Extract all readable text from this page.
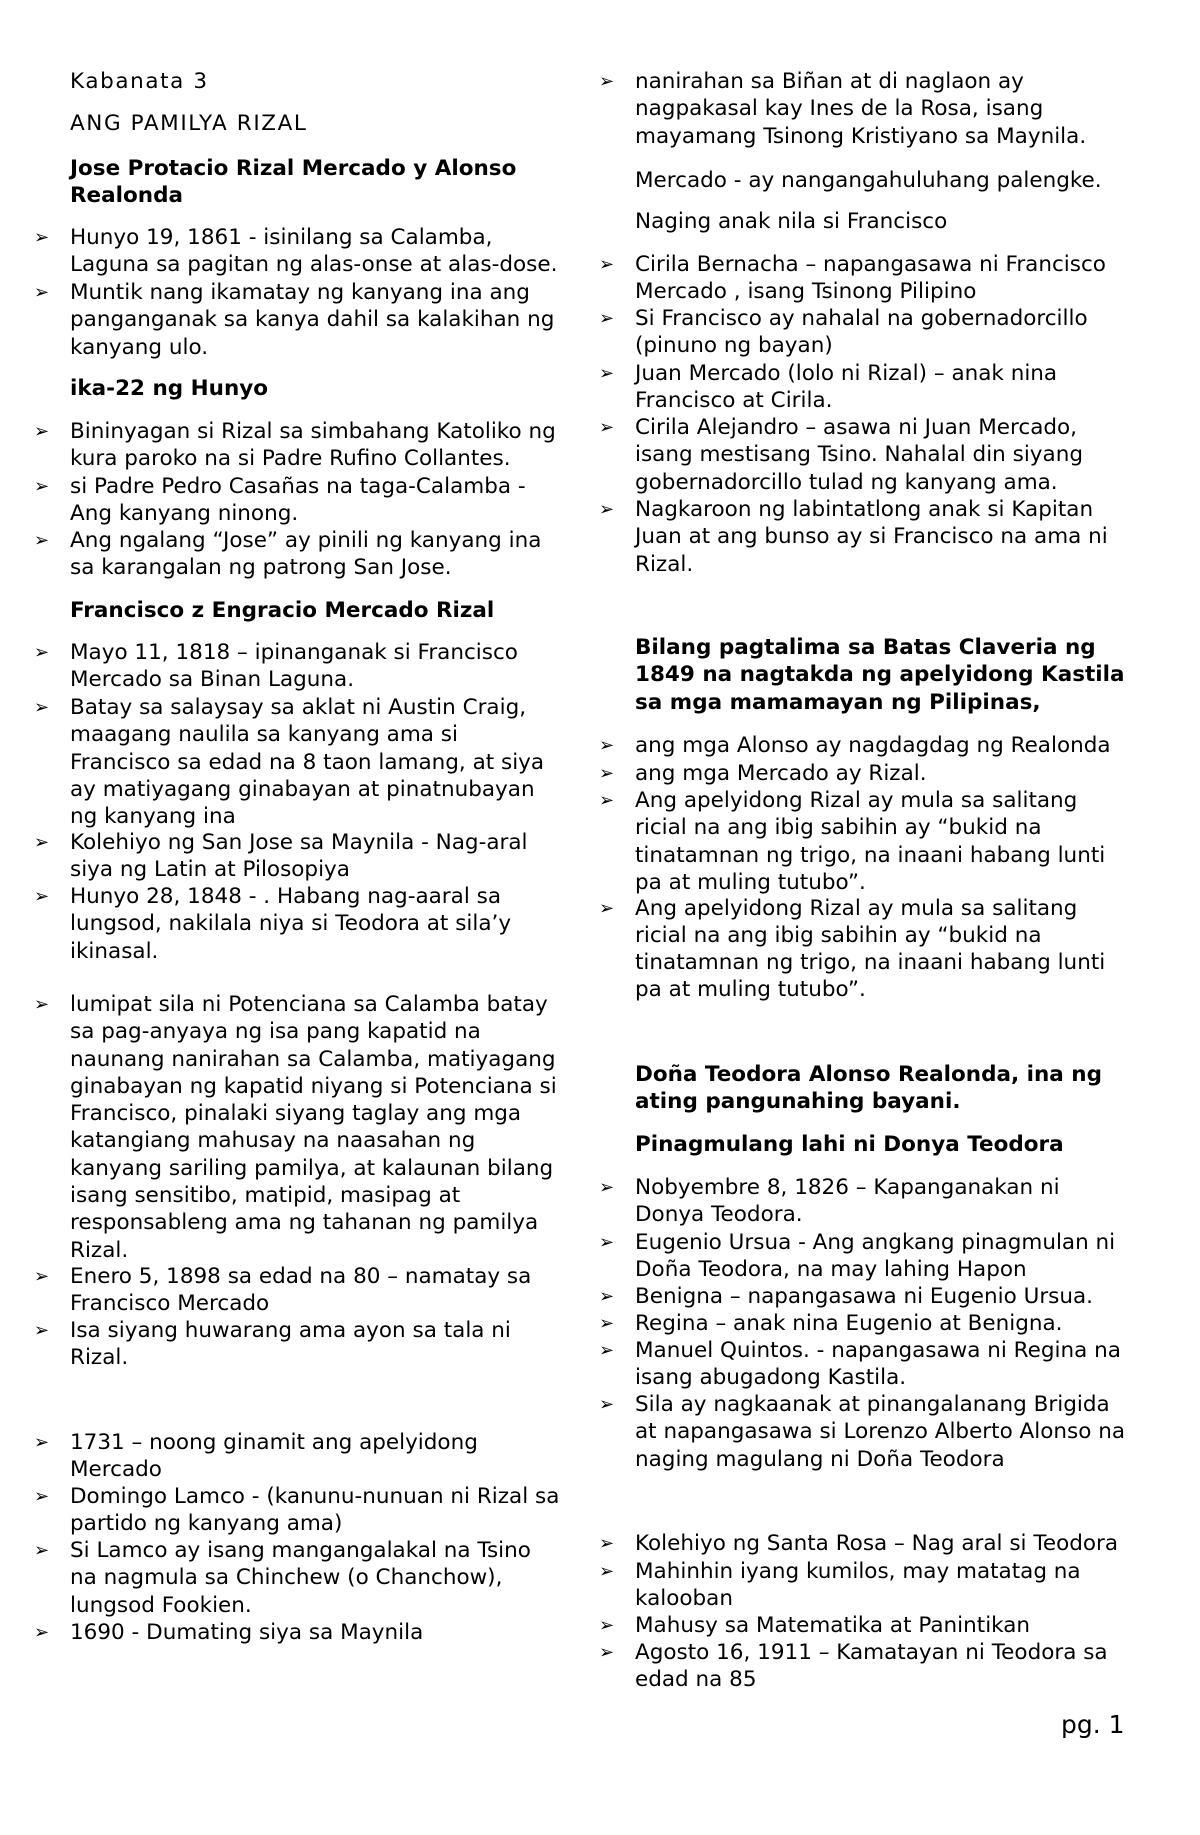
Kabanata 3
ANG PAMILYA RIZAL
Jose Protacio Rizal Mercado y Alonso
Realonda
➢
Hunyo 19, 1861 - isinilang sa Calamba,
Laguna sa pagitan ng alas-onse at alas-dose.
➢
Muntik nang ikamatay ng kanyang ina ang
panganganak sa kanya dahil sa kalakihan ng
kanyang ulo.
ika-22 ng Hunyo
➢
Bininyagan si Rizal sa simbahang Katoliko ng
kura paroko na si Padre Rufino Collantes.
➢
si Padre Pedro Casañas na taga-Calamba -
Ang kanyang ninong.
➢
Ang ngalang “Jose” ay pinili ng kanyang ina
sa karangalan ng patrong San Jose.
Francisco z Engracio Mercado Rizal
➢
Mayo 11, 1818 – ipinanganak si Francisco
Mercado sa Binan Laguna.
➢
Batay sa salaysay sa aklat ni Austin Craig,
maagang naulila sa kanyang ama si
Francisco sa edad na 8 taon lamang, at siya
ay matiyagang ginabayan at pinatnubayan
ng kanyang ina
➢
Kolehiyo ng San Jose sa Maynila - Nag-aral
siya ng Latin at Pilosopiya
➢
Hunyo 28, 1848 - . Habang nag-aaral sa
lungsod, nakilala niya si Teodora at sila’y
ikinasal.
➢
lumipat sila ni Potenciana sa Calamba batay
sa pag-anyaya ng isa pang kapatid na
naunang nanirahan sa Calamba, matiyagang
ginabayan ng kapatid niyang si Potenciana si
Francisco, pinalaki siyang taglay ang mga
katangiang mahusay na naasahan ng
kanyang sariling pamilya, at kalaunan bilang
isang sensitibo, matipid, masipag at
responsableng ama ng tahanan ng pamilya
Rizal.
➢
Enero 5, 1898 sa edad na 80 – namatay sa
Francisco Mercado
➢
Isa siyang huwarang ama ayon sa tala ni
Rizal.
➢
1731 – noong ginamit ang apelyidong
Mercado
➢
Domingo Lamco - (kanunu-nunuan ni Rizal sa
partido ng kanyang ama)
➢
Si Lamco ay isang mangangalakal na Tsino
na nagmula sa Chinchew (o Chanchow),
lungsod Fookien.
➢
1690 - Dumating siya sa Maynila
➢
nanirahan sa Biñan at di naglaon ay
nagpakasal kay Ines de la Rosa, isang
mayamang Tsinong Kristiyano sa Maynila.
Mercado - ay nangangahuluhang palengke.
Naging anak nila si Francisco
➢
Cirila Bernacha – napangasawa ni Francisco
Mercado , isang Tsinong Pilipino
➢
Si Francisco ay nahalal na gobernadorcillo
(pinuno ng bayan)
➢
Juan Mercado (lolo ni Rizal) – anak nina
Francisco at Cirila.
➢
Cirila Alejandro – asawa ni Juan Mercado,
isang mestisang Tsino. Nahalal din siyang
gobernadorcillo tulad ng kanyang ama.
➢
Nagkaroon ng labintatlong anak si Kapitan
Juan at ang bunso ay si Francisco na ama ni
Rizal.
Bilang pagtalima sa Batas Claveria ng
1849 na nagtakda ng apelyidong Kastila
sa mga mamamayan ng Pilipinas,
➢
ang mga Alonso ay nagdagdag ng Realonda
➢
ang mga Mercado ay Rizal.
➢
Ang apelyidong Rizal ay mula sa salitang
ricial na ang ibig sabihin ay “bukid na
tinatamnan ng trigo, na inaani habang lunti
pa at muling tutubo”.
➢
Ang apelyidong Rizal ay mula sa salitang
ricial na ang ibig sabihin ay “bukid na
tinatamnan ng trigo, na inaani habang lunti
pa at muling tutubo”.
Doña Teodora Alonso Realonda, ina ng
ating pangunahing bayani.
Pinagmulang lahi ni Donya Teodora
➢
Nobyembre 8, 1826 – Kapanganakan ni
Donya Teodora.
➢
Eugenio Ursua - Ang angkang pinagmulan ni
Doña Teodora, na may lahing Hapon
➢
Benigna – napangasawa ni Eugenio Ursua.
➢
Regina – anak nina Eugenio at Benigna.
➢
Manuel Quintos. - napangasawa ni Regina na
isang abugadong Kastila.
➢
Sila ay nagkaanak at pinangalanang Brigida
at napangasawa si Lorenzo Alberto Alonso na
naging magulang ni Doña Teodora
➢
Kolehiyo ng Santa Rosa – Nag aral si Teodora
➢
Mahinhin iyang kumilos, may matatag na
kalooban
➢
Mahusy sa Matematika at Panintikan
➢
Agosto 16, 1911 – Kamatayan ni Teodora sa
edad na 85
pg. 1
